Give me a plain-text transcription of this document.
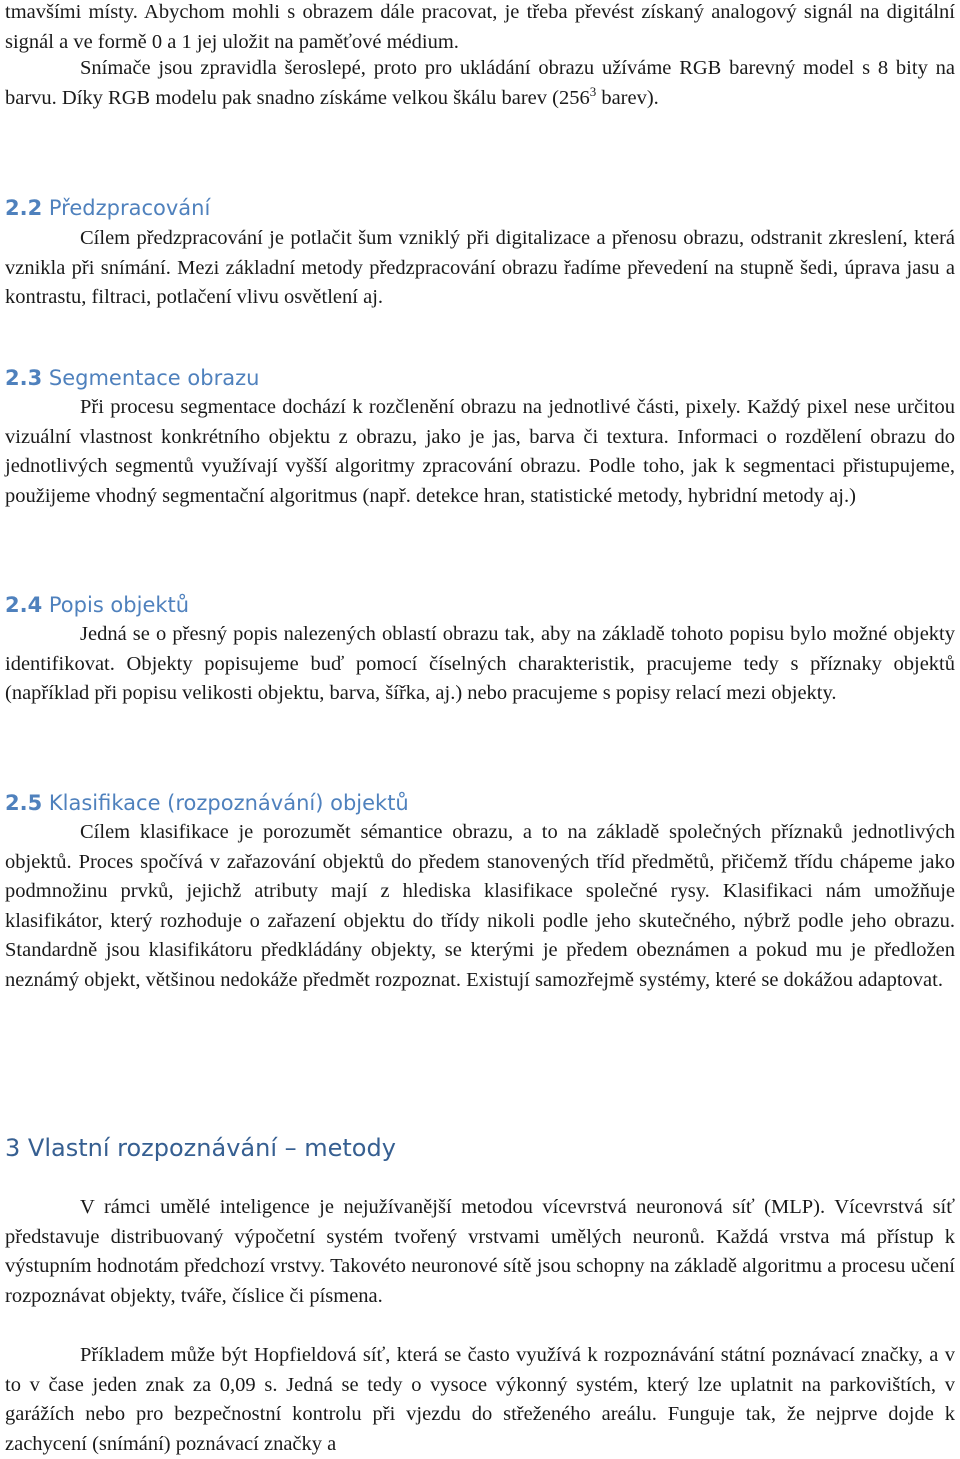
tmavšími místy. Abychom mohli s obrazem dále pracovat, je třeba převést získaný analogový signál na digitální signál a ve formě 0 a 1 jej uložit na paměťové médium.

Snímače jsou zpravidla šeroslepé, proto pro ukládání obrazu užíváme RGB barevný model s 8 bity na barvu. Díky RGB modelu pak snadno získáme velkou škálu barev ($256^3$ barev).

2.2 Předzpracování

Cílem předzpracování je potlačit šum vzniklý při digitalizace a přenosu obrazu, odstranit zkreslení, která vznikla při snímání. Mezi základní metody předzpracování obrazu řadíme převedení na stupně šedi, úprava jasu a kontrastu, filtraci, potlačení vlivu osvětlení aj.

2.3 Segmentace obrazu

Při procesu segmentace dochází k rozčlenění obrazu na jednotlivé části, pixely. Každý pixel nese určitou vizuální vlastnost konkrétního objektu z obrazu, jako je jas, barva či textura. Informaci o rozdělení obrazu do jednotlivých segmentů využívají vyšší algoritmy zpracování obrazu. Podle toho, jak k segmentaci přistupujeme, použijeme vhodný segmentační algoritmus (např. detekce hran, statistické metody, hybridní metody aj.)

2.4 Popis objektů

Jedná se o přesný popis nalezených oblastí obrazu tak, aby na základě tohoto popisu bylo možné objekty identifikovat. Objekty popisujeme buď pomocí číselných charakteristik, pracujeme tedy s příznaky objektů (například při popisu velikosti objektu, barva, šířka, aj.) nebo pracujeme s popisy relací mezi objekty.

2.5 Klasifikace (rozpoznávání) objektů

Cílem klasifikace je porozumět sémantice obrazu, a to na základě společných příznaků jednotlivých objektů. Proces spočívá v zařazování objektů do předem stanovených tříd předmětů, přičemž třídu chápeme jako podmnožinu prvků, jejichž atributy mají z hlediska klasifikace společné rysy. Klasifikaci nám umožňuje klasifikátor, který rozhoduje o zařazení objektu do třídy nikoli podle jeho skutečného, nýbrž podle jeho obrazu. Standardně jsou klasifikátoru předkládány objekty, se kterými je předem obeznámen a pokud mu je předložen neznámý objekt, většinou nedokáže předmět rozpoznat. Existují samozřejmě systémy, které se dokážou adaptovat.

3 Vlastní rozpoznávání – metody

V rámci umělé inteligence je nejužívanější metodou vícevrstvá neuronová síť (MLP). Vícevrstvá síť představuje distribuovaný výpočetní systém tvořený vrstvami umělých neuronů. Každá vrstva má přístup k výstupním hodnotám předchozí vrstvy. Takovéto neuronové sítě jsou schopny na základě algoritmu a procesu učení rozpoznávat objekty, tváře, číslice či písmena.

Příkladem může být Hopfieldová síť, která se často využívá k rozpoznávání státní poznávací značky, a v to v čase jeden znak za 0,09 s. Jedná se tedy o vysoce výkonný systém, který lze uplatnit na parkovištích, v garážích nebo pro bezpečnostní kontrolu při vjezdu do střeženého areálu. Funguje tak, že nejprve dojde k zachycení (snímání) poznávací značky a
